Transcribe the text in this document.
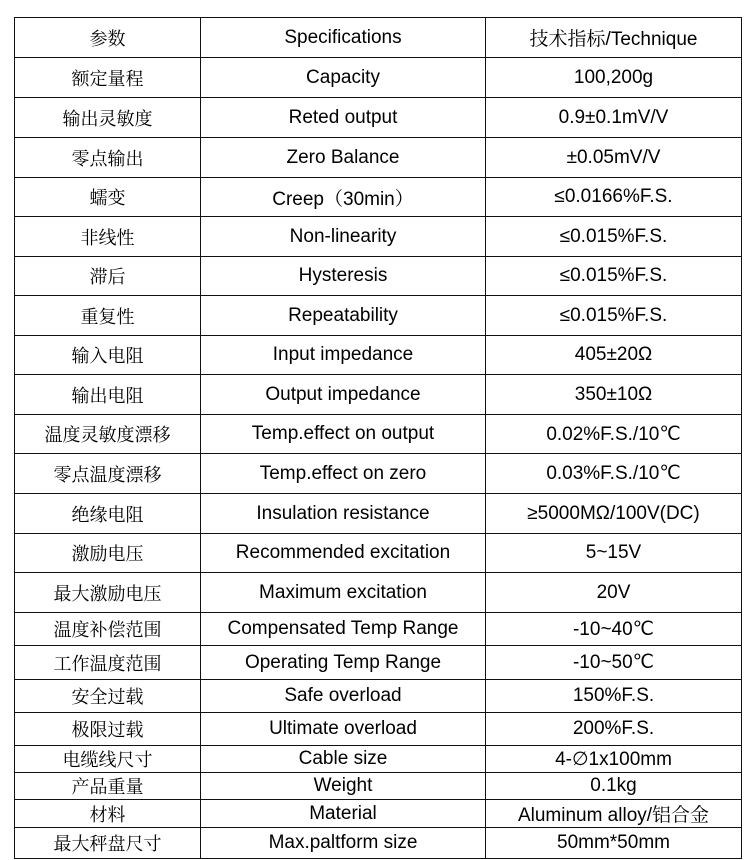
参数	Specifications	技术指标/Technique
额定量程	Capacity	100,200g
输出灵敏度	Reted output	0.9±0.1mV/V
零点输出	Zero Balance	±0.05mV/V
蠕变	Creep（30min）	≤0.0166%F.S.
非线性	Non-linearity	≤0.015%F.S.
滞后	Hysteresis	≤0.015%F.S.
重复性	Repeatability	≤0.015%F.S.
输入电阻	Input impedance	405±20Ω
输出电阻	Output impedance	350±10Ω
温度灵敏度漂移	Temp.effect on output	0.02%F.S./10℃
零点温度漂移	Temp.effect on zero	0.03%F.S./10℃
绝缘电阻	Insulation resistance	≥5000MΩ/100V(DC)
激励电压	Recommended excitation	5~15V
最大激励电压	Maximum excitation	20V
温度补偿范围	Compensated Temp Range	-10~40℃
工作温度范围	Operating Temp Range	-10~50℃
安全过载	Safe overload	150%F.S.
极限过载	Ultimate overload	200%F.S.
电缆线尺寸	Cable size	4-∅1x100mm
产品重量	Weight	0.1kg
材料	Material	Aluminum alloy/铝合金
最大秤盘尺寸	Max.paltform size	50mm*50mm
